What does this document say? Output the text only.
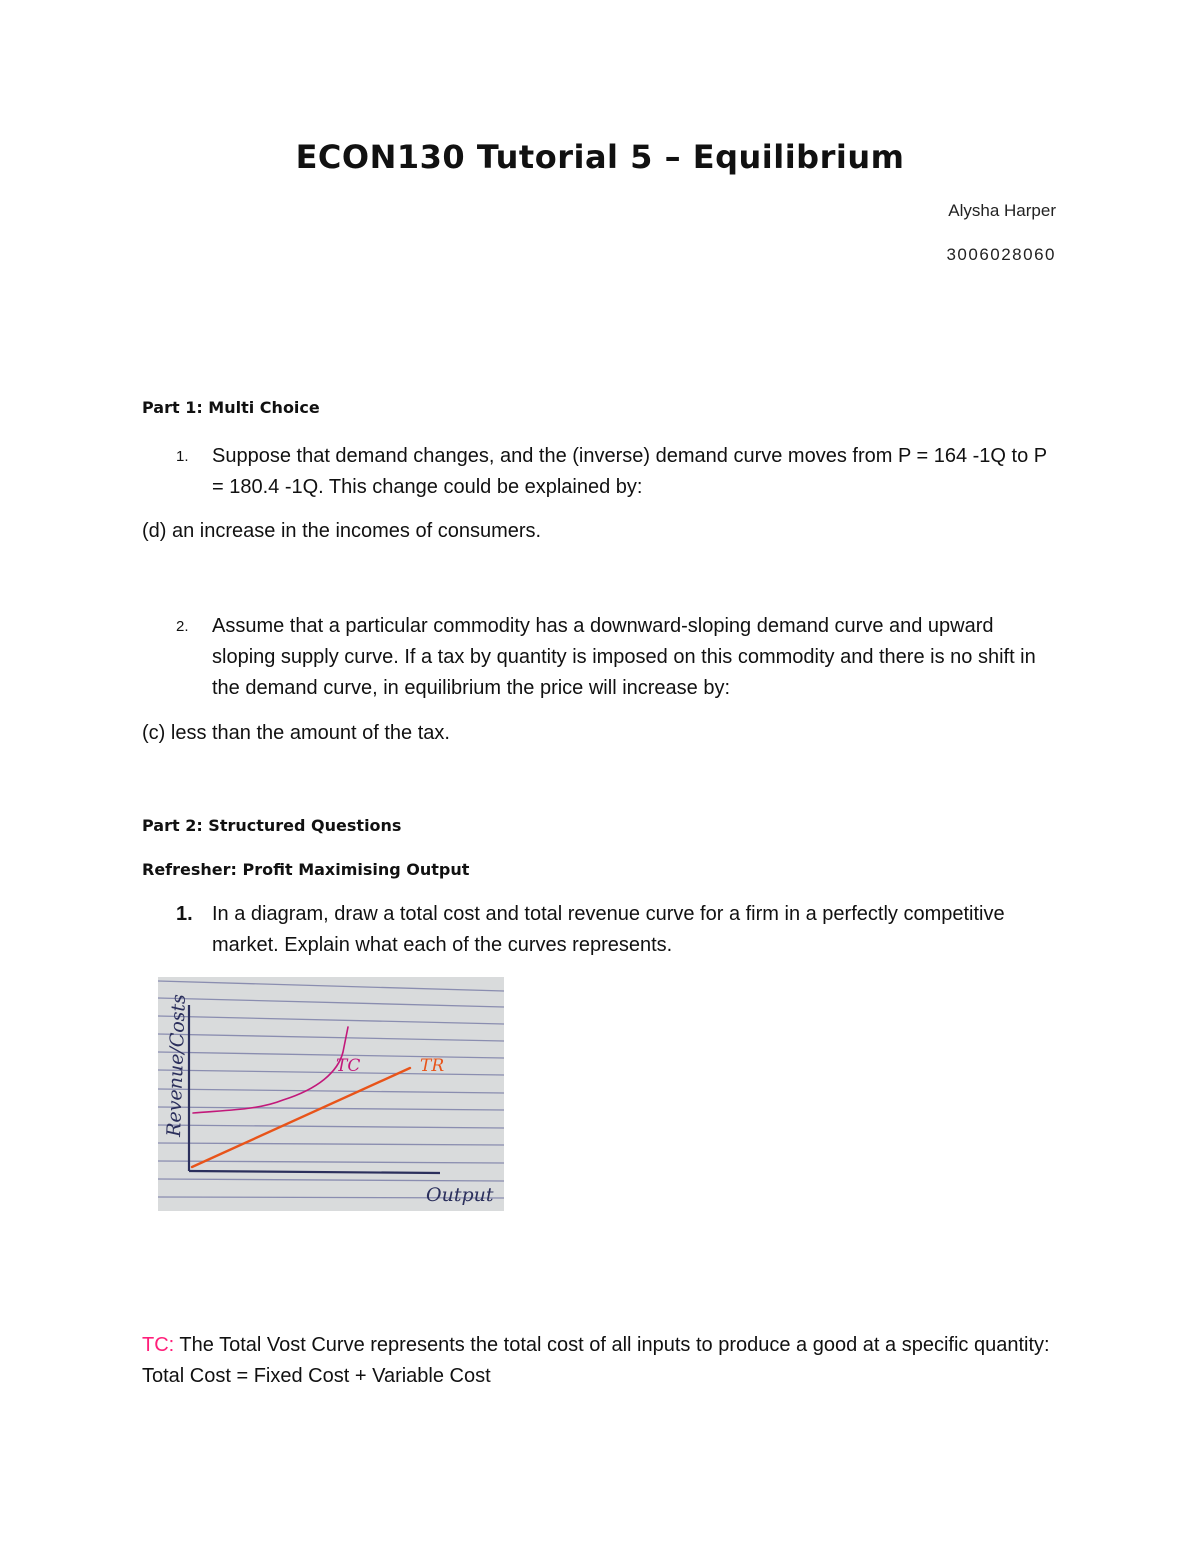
ECON130 Tutorial 5 – Equilibrium
Alysha Harper
3006028060
Part 1: Multi Choice
1. Suppose that demand changes, and the (inverse) demand curve moves from P = 164 -1Q to P = 180.4 -1Q. This change could be explained by:
(d) an increase in the incomes of consumers.
2. Assume that a particular commodity has a downward-sloping demand curve and upward sloping supply curve. If a tax by quantity is imposed on this commodity and there is no shift in the demand curve, in equilibrium the price will increase by:
(c) less than the amount of the tax.
Part 2: Structured Questions
Refresher: Profit Maximising Output
1. In a diagram, draw a total cost and total revenue curve for a firm in a perfectly competitive market. Explain what each of the curves represents.
Revenue/Costs
Output
TC	TR
TC: The Total Vost Curve represents the total cost of all inputs to produce a good at a specific quantity: Total Cost = Fixed Cost + Variable Cost
